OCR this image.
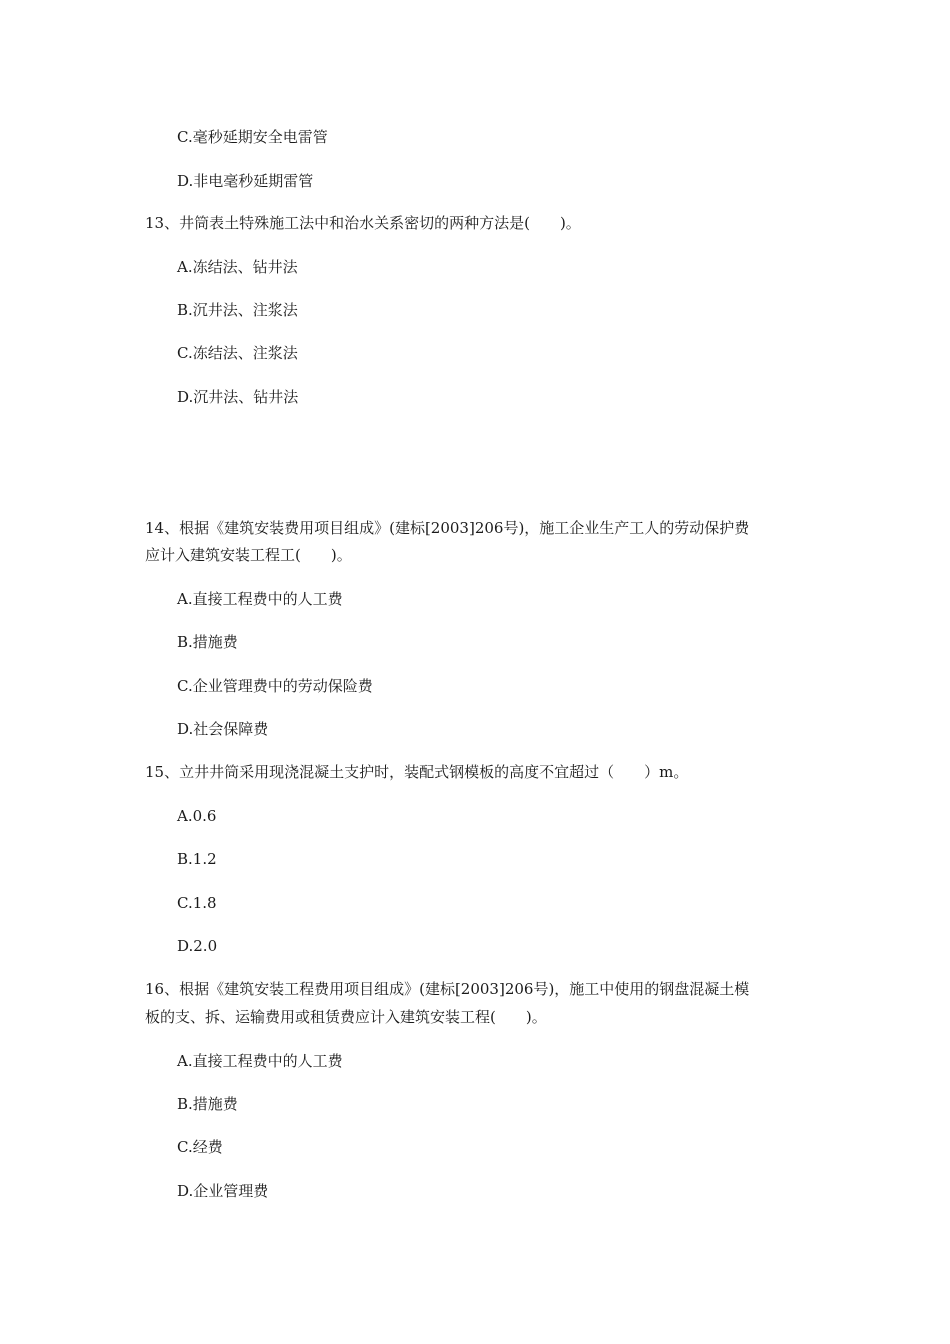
C.毫秒延期安全电雷管
D.非电毫秒延期雷管
13、井筒表土特殊施工法中和治水关系密切的两种方法是(　　)。
A.冻结法、钻井法
B.沉井法、注浆法
C.冻结法、注浆法
D.沉井法、钻井法
14、根据《建筑安装费用项目组成》(建标[2003]206号)，施工企业生产工人的劳动保护费
应计入建筑安装工程工(　　)。
A.直接工程费中的人工费
B.措施费
C.企业管理费中的劳动保险费
D.社会保障费
15、立井井筒采用现浇混凝土支护时，装配式钢模板的高度不宜超过（　　）m。
A.0.6
B.1.2
C.1.8
D.2.0
16、根据《建筑安装工程费用项目组成》(建标[2003]206号)，施工中使用的钢盘混凝土模
板的支、拆、运输费用或租赁费应计入建筑安装工程(　　)。
A.直接工程费中的人工费
B.措施费
C.经费
D.企业管理费
